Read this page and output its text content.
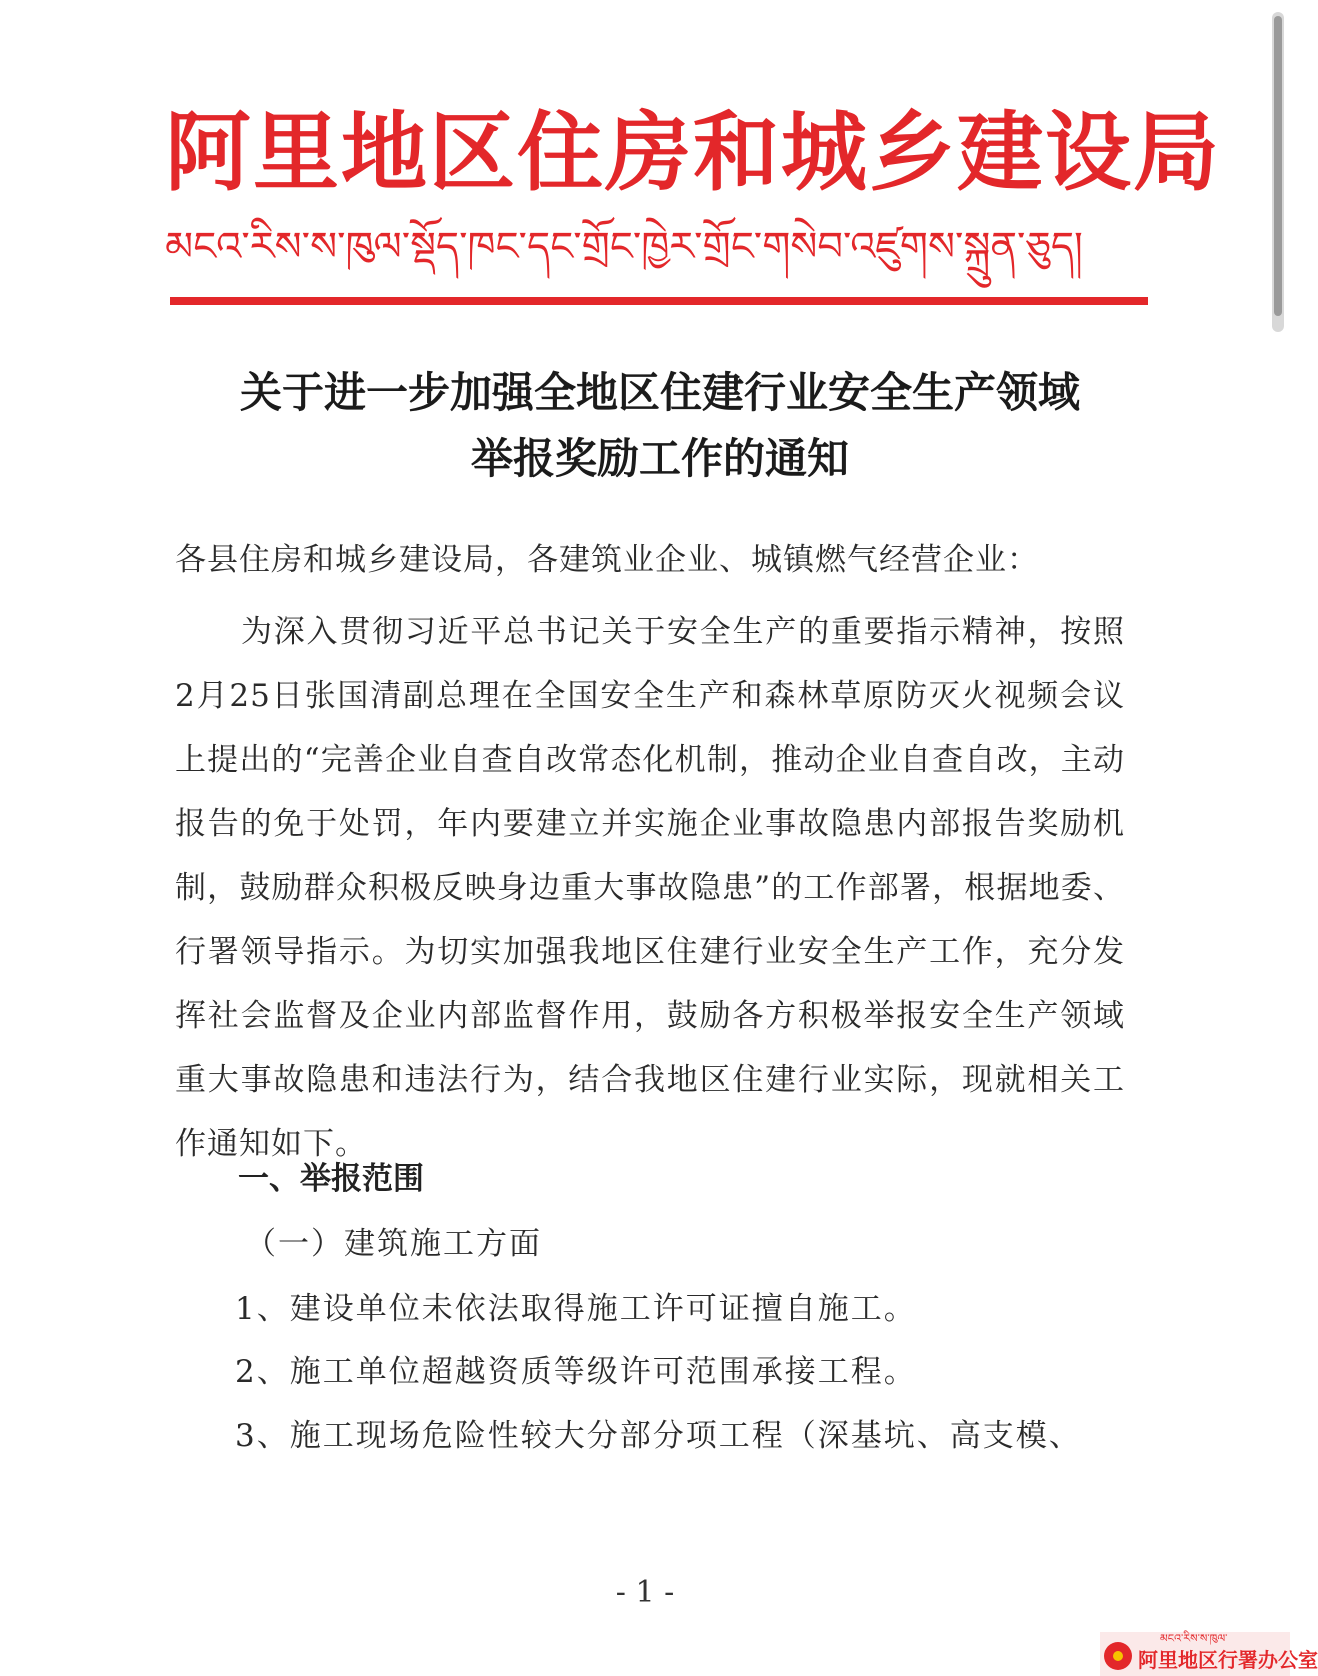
阿里地区住房和城乡建设局
མངའ་རིས་ས་ཁུལ་སྡོད་ཁང་དང་གྲོང་ཁྱེར་གྲོང་གསེབ་འཛུགས་སྐྲུན་ཅུད།
关于进一步加强全地区住建行业安全生产领域
举报奖励工作的通知
各县住房和城乡建设局，各建筑业企业、城镇燃气经营企业：
为深入贯彻习近平总书记关于安全生产的重要指示精神，按照2月25日张国清副总理在全国安全生产和森林草原防灭火视频会议上提出的“完善企业自查自改常态化机制，推动企业自查自改，主动报告的免于处罚，年内要建立并实施企业事故隐患内部报告奖励机制，鼓励群众积极反映身边重大事故隐患”的工作部署，根据地委、行署领导指示。为切实加强我地区住建行业安全生产工作，充分发挥社会监督及企业内部监督作用，鼓励各方积极举报安全生产领域重大事故隐患和违法行为，结合我地区住建行业实际，现就相关工作通知如下。
一、举报范围
（一）建筑施工方面
1、建设单位未依法取得施工许可证擅自施工。
2、施工单位超越资质等级许可范围承接工程。
3、施工现场危险性较大分部分项工程（深基坑、高支模、
- 1 -
མངའ་རིས་ས་ཁུལ་
阿里地区行署办公室
